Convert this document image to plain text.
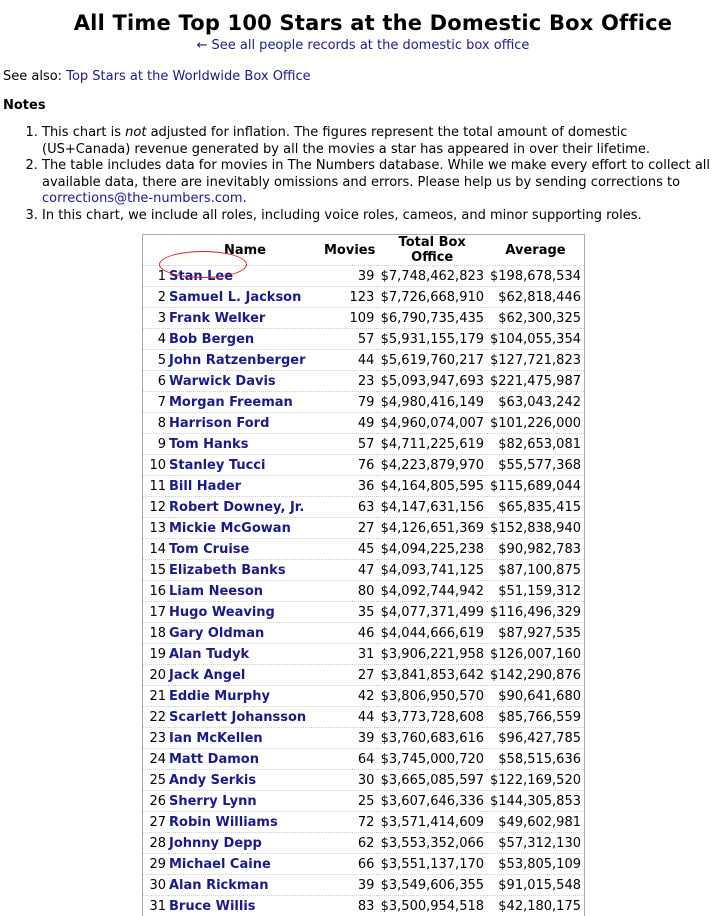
All Time Top 100 Stars at the Domestic Box Office
← See all people records at the domestic box office
See also: Top Stars at the Worldwide Box Office
Notes
1. This chart is not adjusted for inflation. The figures represent the total amount of domestic (US+Canada) revenue generated by all the movies a star has appeared in over their lifetime.
2. The table includes data for movies in The Numbers database. While we make every effort to collect all available data, there are inevitably omissions and errors. Please help us by sending corrections to corrections@the-numbers.com.
3. In this chart, we include all roles, including voice roles, cameos, and minor supporting roles.
	Name	Movies	Total Box Office	Average
1	Stan Lee	39	$7,748,462,823	$198,678,534
2	Samuel L. Jackson	123	$7,726,668,910	$62,818,446
3	Frank Welker	109	$6,790,735,435	$62,300,325
4	Bob Bergen	57	$5,931,155,179	$104,055,354
5	John Ratzenberger	44	$5,619,760,217	$127,721,823
6	Warwick Davis	23	$5,093,947,693	$221,475,987
7	Morgan Freeman	79	$4,980,416,149	$63,043,242
8	Harrison Ford	49	$4,960,074,007	$101,226,000
9	Tom Hanks	57	$4,711,225,619	$82,653,081
10	Stanley Tucci	76	$4,223,879,970	$55,577,368
11	Bill Hader	36	$4,164,805,595	$115,689,044
12	Robert Downey, Jr.	63	$4,147,631,156	$65,835,415
13	Mickie McGowan	27	$4,126,651,369	$152,838,940
14	Tom Cruise	45	$4,094,225,238	$90,982,783
15	Elizabeth Banks	47	$4,093,741,125	$87,100,875
16	Liam Neeson	80	$4,092,744,942	$51,159,312
17	Hugo Weaving	35	$4,077,371,499	$116,496,329
18	Gary Oldman	46	$4,044,666,619	$87,927,535
19	Alan Tudyk	31	$3,906,221,958	$126,007,160
20	Jack Angel	27	$3,841,853,642	$142,290,876
21	Eddie Murphy	42	$3,806,950,570	$90,641,680
22	Scarlett Johansson	44	$3,773,728,608	$85,766,559
23	Ian McKellen	39	$3,760,683,616	$96,427,785
24	Matt Damon	64	$3,745,000,720	$58,515,636
25	Andy Serkis	30	$3,665,085,597	$122,169,520
26	Sherry Lynn	25	$3,607,646,336	$144,305,853
27	Robin Williams	72	$3,571,414,609	$49,602,981
28	Johnny Depp	62	$3,553,352,066	$57,312,130
29	Michael Caine	66	$3,551,137,170	$53,805,109
30	Alan Rickman	39	$3,549,606,355	$91,015,548
31	Bruce Willis	83	$3,500,954,518	$42,180,175
